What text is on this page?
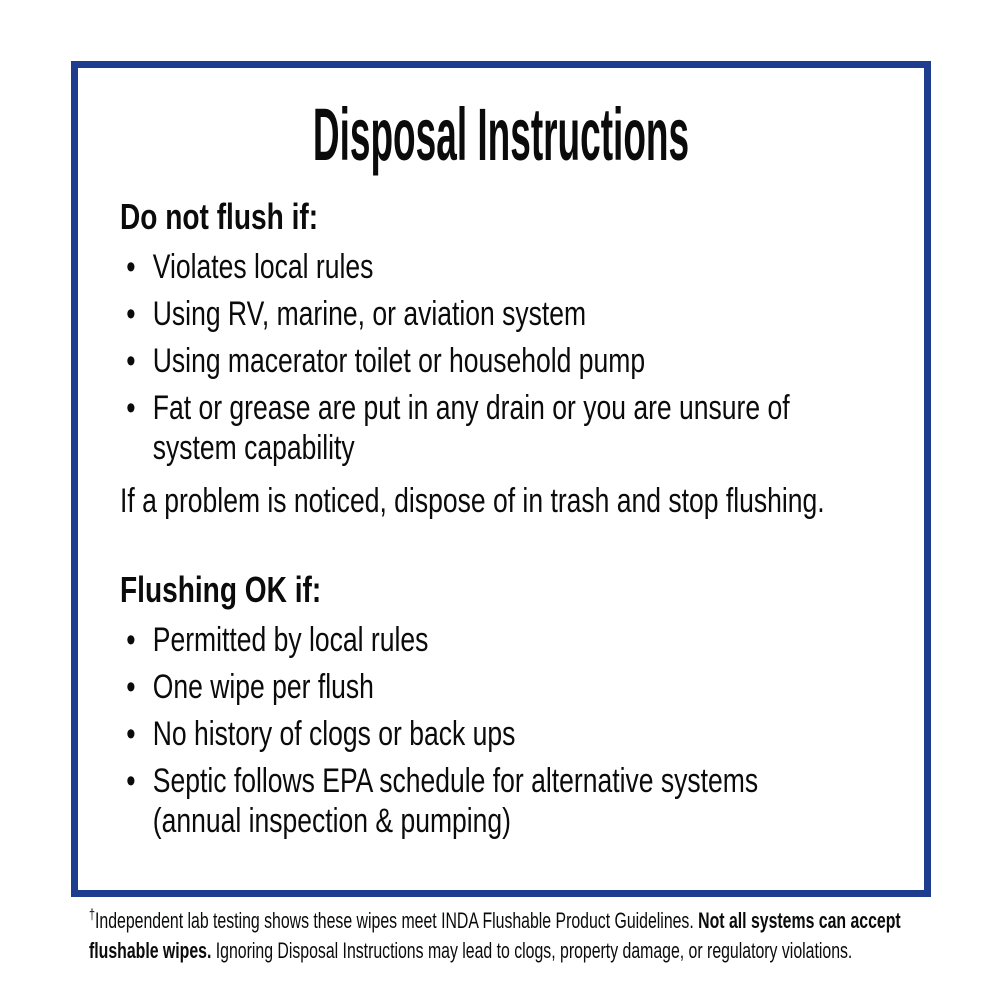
Disposal Instructions
Do not flush if:
• Violates local rules
• Using RV, marine, or aviation system
• Using macerator toilet or household pump
• Fat or grease are put in any drain or you are unsure of
system capability
If a problem is noticed, dispose of in trash and stop flushing.
Flushing OK if:
• Permitted by local rules
• One wipe per flush
• No history of clogs or back ups
• Septic follows EPA schedule for alternative systems
(annual inspection & pumping)
†Independent lab testing shows these wipes meet INDA Flushable Product Guidelines. Not all systems can accept
flushable wipes. Ignoring Disposal Instructions may lead to clogs, property damage, or regulatory violations.
